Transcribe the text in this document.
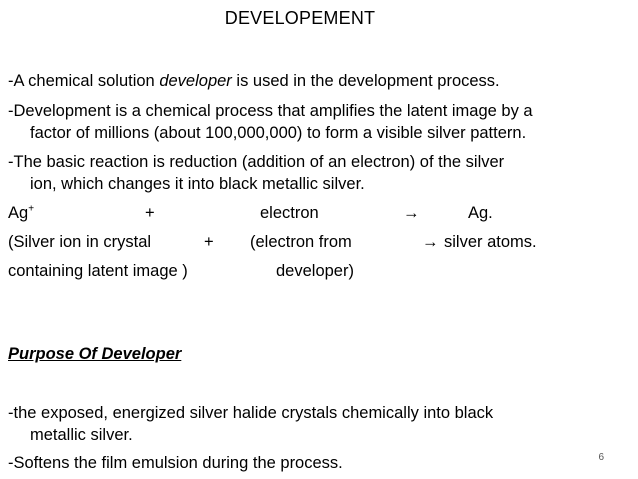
DEVELOPEMENT
-A chemical solution developer is used in the development process.
-Development is a chemical process that amplifies the latent image by a
factor of millions (about 100,000,000) to form a visible silver pattern.
-The basic reaction is reduction (addition of an electron) of the silver
ion, which changes it into black metallic silver.
Ag+	+	electron	→	Ag.
(Silver ion in crystal	+ (electron from	→ silver atoms.
containing latent image )	developer)
Purpose Of Developer
-the exposed, energized silver halide crystals chemically into black
metallic silver.
-Softens the film emulsion during the process.	6
